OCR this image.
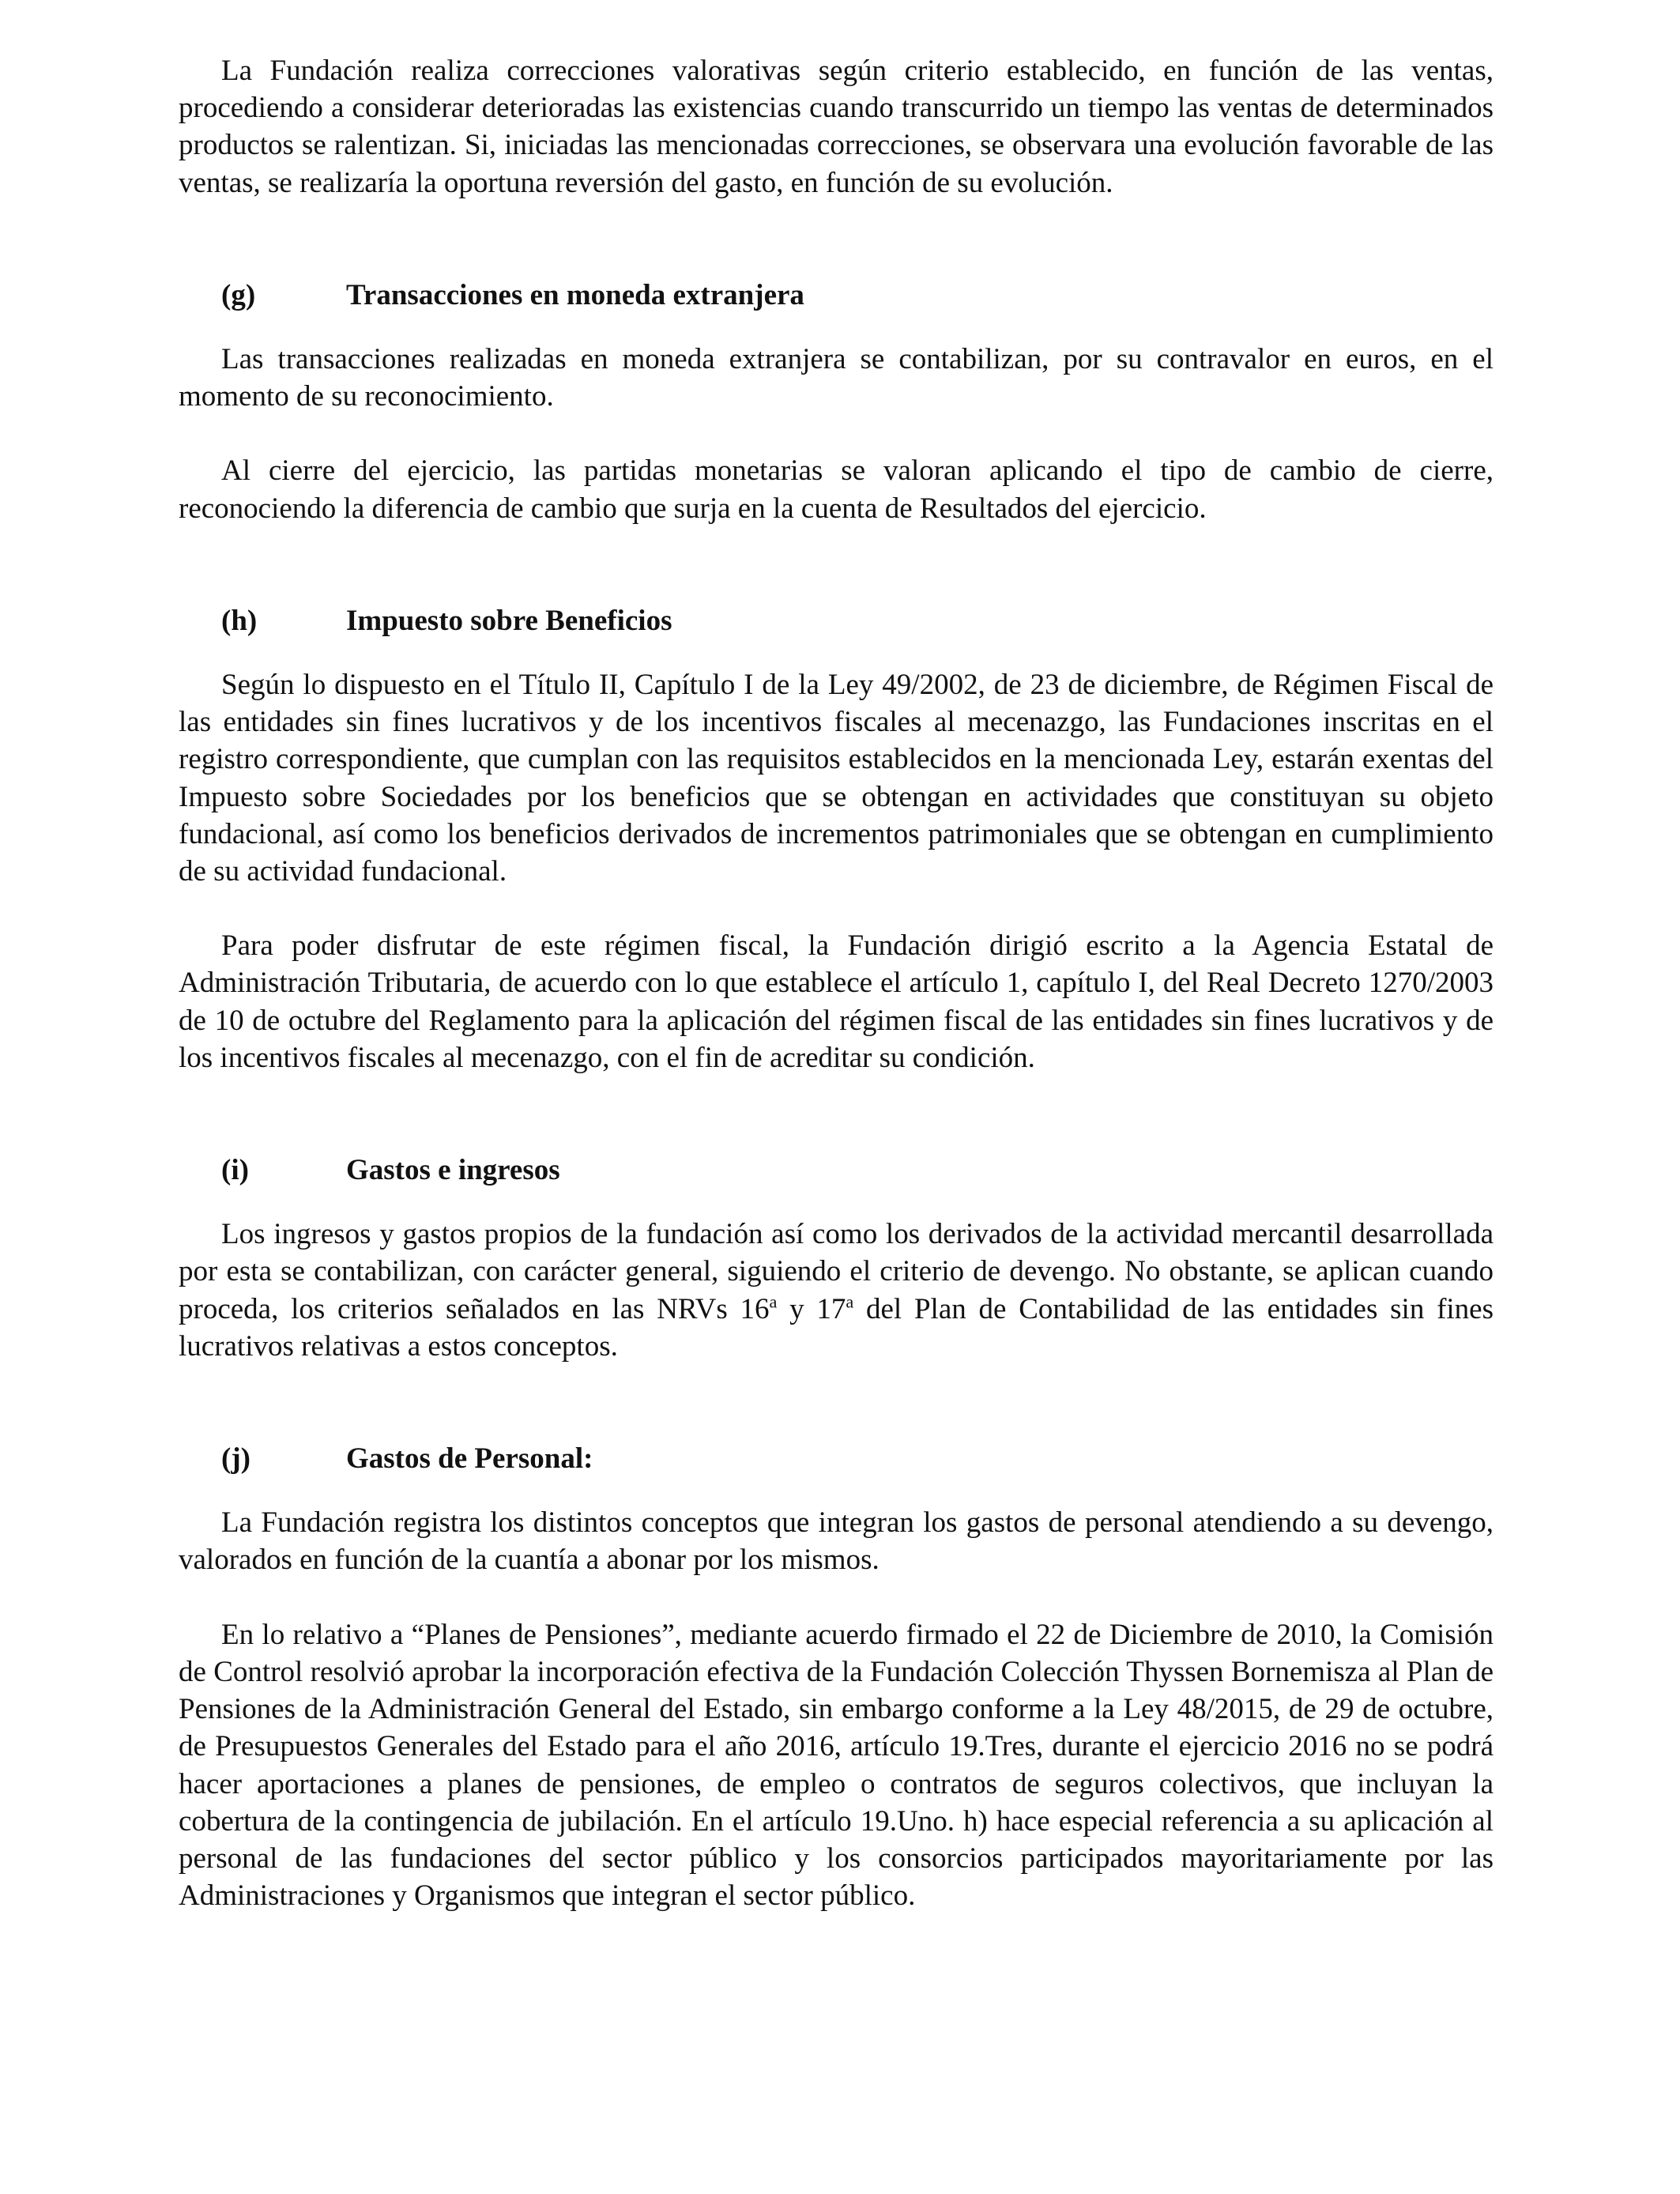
La Fundación realiza correcciones valorativas según criterio establecido, en función de las ventas, procediendo a considerar deterioradas las existencias cuando transcurrido un tiempo las ventas de determinados productos se ralentizan. Si, iniciadas las mencionadas correcciones, se observara una evolución favorable de las ventas, se realizaría la oportuna reversión del gasto, en función de su evolución.

(g)	Transacciones en moneda extranjera

Las transacciones realizadas en moneda extranjera se contabilizan, por su contravalor en euros, en el momento de su reconocimiento.

Al cierre del ejercicio, las partidas monetarias se valoran aplicando el tipo de cambio de cierre, reconociendo la diferencia de cambio que surja en la cuenta de Resultados del ejercicio.

(h)	Impuesto sobre Beneficios

Según lo dispuesto en el Título II, Capítulo I de la Ley 49/2002, de 23 de diciembre, de Régimen Fiscal de las entidades sin fines lucrativos y de los incentivos fiscales al mecenazgo, las Fundaciones inscritas en el registro correspondiente, que cumplan con las requisitos establecidos en la mencionada Ley, estarán exentas del Impuesto sobre Sociedades por los beneficios que se obtengan en actividades que constituyan su objeto fundacional, así como los beneficios derivados de incrementos patrimoniales que se obtengan en cumplimiento de su actividad fundacional.

Para poder disfrutar de este régimen fiscal, la Fundación dirigió escrito a la Agencia Estatal de Administración Tributaria, de acuerdo con lo que establece el artículo 1, capítulo I, del Real Decreto 1270/2003 de 10 de octubre del Reglamento para la aplicación del régimen fiscal de las entidades sin fines lucrativos y de los incentivos fiscales al mecenazgo, con el fin de acreditar su condición.

(i)	Gastos e ingresos

Los ingresos y gastos propios de la fundación así como los derivados de la actividad mercantil desarrollada por esta se contabilizan, con carácter general, siguiendo el criterio de devengo. No obstante, se aplican cuando proceda, los criterios señalados en las NRVs 16$^a$ y 17$^a$ del Plan de Contabilidad de las entidades sin fines lucrativos relativas a estos conceptos.

(j)	Gastos de Personal:

La Fundación registra los distintos conceptos que integran los gastos de personal atendiendo a su devengo, valorados en función de la cuantía a abonar por los mismos.

En lo relativo a “Planes de Pensiones”, mediante acuerdo firmado el 22 de Diciembre de 2010, la Comisión de Control resolvió aprobar la incorporación efectiva de la Fundación Colección Thyssen Bornemisza al Plan de Pensiones de la Administración General del Estado, sin embargo conforme a la Ley 48/2015, de 29 de octubre, de Presupuestos Generales del Estado para el año 2016, artículo 19.Tres, durante el ejercicio 2016 no se podrá hacer aportaciones a planes de pensiones, de empleo o contratos de seguros colectivos, que incluyan la cobertura de la contingencia de jubilación. En el artículo 19.Uno. h) hace especial referencia a su aplicación al personal de las fundaciones del sector público y los consorcios participados mayoritariamente por las Administraciones y Organismos que integran el sector público.
